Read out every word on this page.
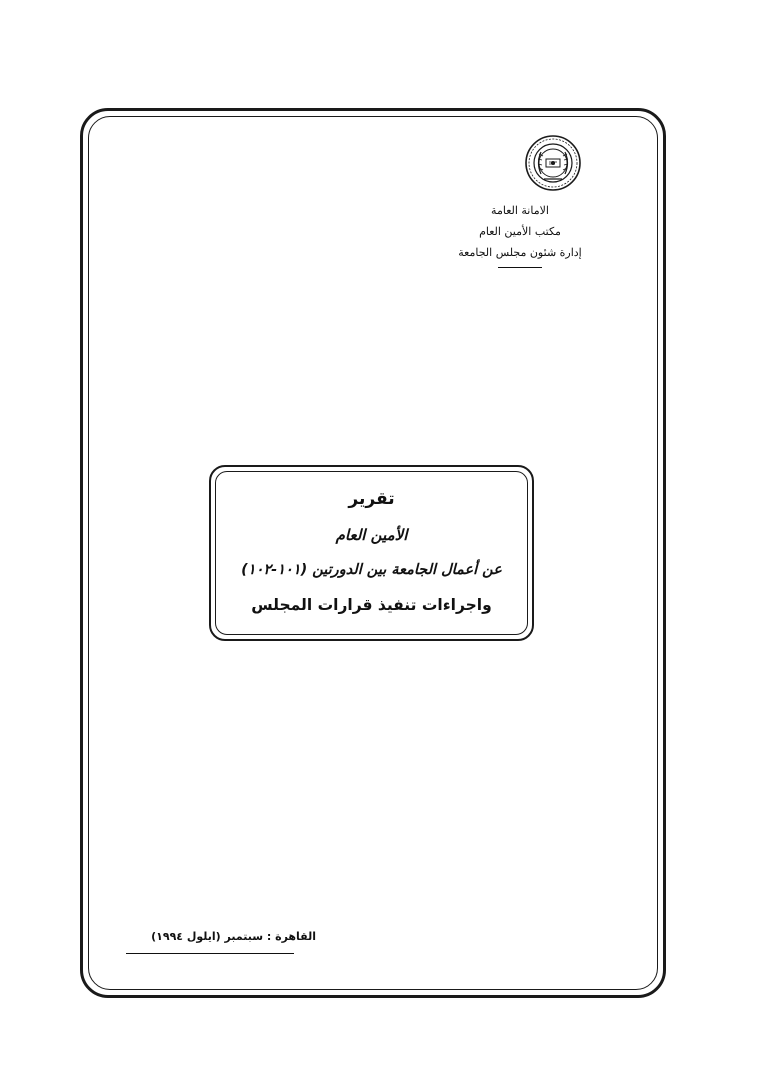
الامانة العامة
مكتب الأمين العام
إدارة شئون مجلس الجامعة
تقرير
الأمين العام
عن أعمال الجامعة بين الدورتين (١٠١-١٠٢)
واجراءات تنفيذ قرارات المجلس
القاهرة : سبتمبر (ايلول ١٩٩٤)
